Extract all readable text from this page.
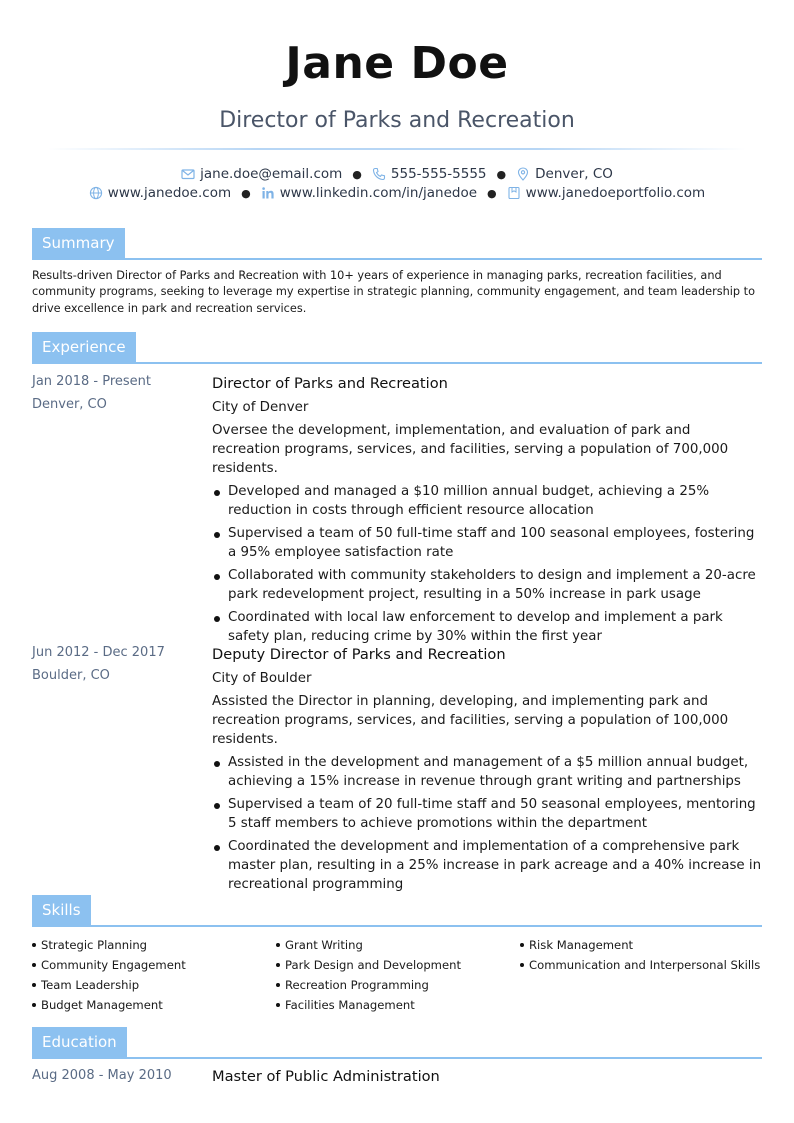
Jane Doe
Director of Parks and Recreation
jane.doe@email.com ● 555-555-5555 ● Denver, CO
www.janedoe.com ● www.linkedin.com/in/janedoe ● www.janedoeportfolio.com
Summary
Results-driven Director of Parks and Recreation with 10+ years of experience in managing parks, recreation facilities, and community programs, seeking to leverage my expertise in strategic planning, community engagement, and team leadership to drive excellence in park and recreation services.
Experience
Jan 2018 - Present
Denver, CO
Director of Parks and Recreation
City of Denver
Oversee the development, implementation, and evaluation of park and recreation programs, services, and facilities, serving a population of 700,000 residents.
Developed and managed a $10 million annual budget, achieving a 25% reduction in costs through efficient resource allocation
Supervised a team of 50 full-time staff and 100 seasonal employees, fostering a 95% employee satisfaction rate
Collaborated with community stakeholders to design and implement a 20-acre park redevelopment project, resulting in a 50% increase in park usage
Coordinated with local law enforcement to develop and implement a park safety plan, reducing crime by 30% within the first year
Jun 2012 - Dec 2017
Boulder, CO
Deputy Director of Parks and Recreation
City of Boulder
Assisted the Director in planning, developing, and implementing park and recreation programs, services, and facilities, serving a population of 100,000 residents.
Assisted in the development and management of a $5 million annual budget, achieving a 15% increase in revenue through grant writing and partnerships
Supervised a team of 20 full-time staff and 50 seasonal employees, mentoring 5 staff members to achieve promotions within the department
Coordinated the development and implementation of a comprehensive park master plan, resulting in a 25% increase in park acreage and a 40% increase in recreational programming
Skills
Strategic Planning
Community Engagement
Team Leadership
Budget Management
Grant Writing
Park Design and Development
Recreation Programming
Facilities Management
Risk Management
Communication and Interpersonal Skills
Education
Aug 2008 - May 2010	Master of Public Administration
